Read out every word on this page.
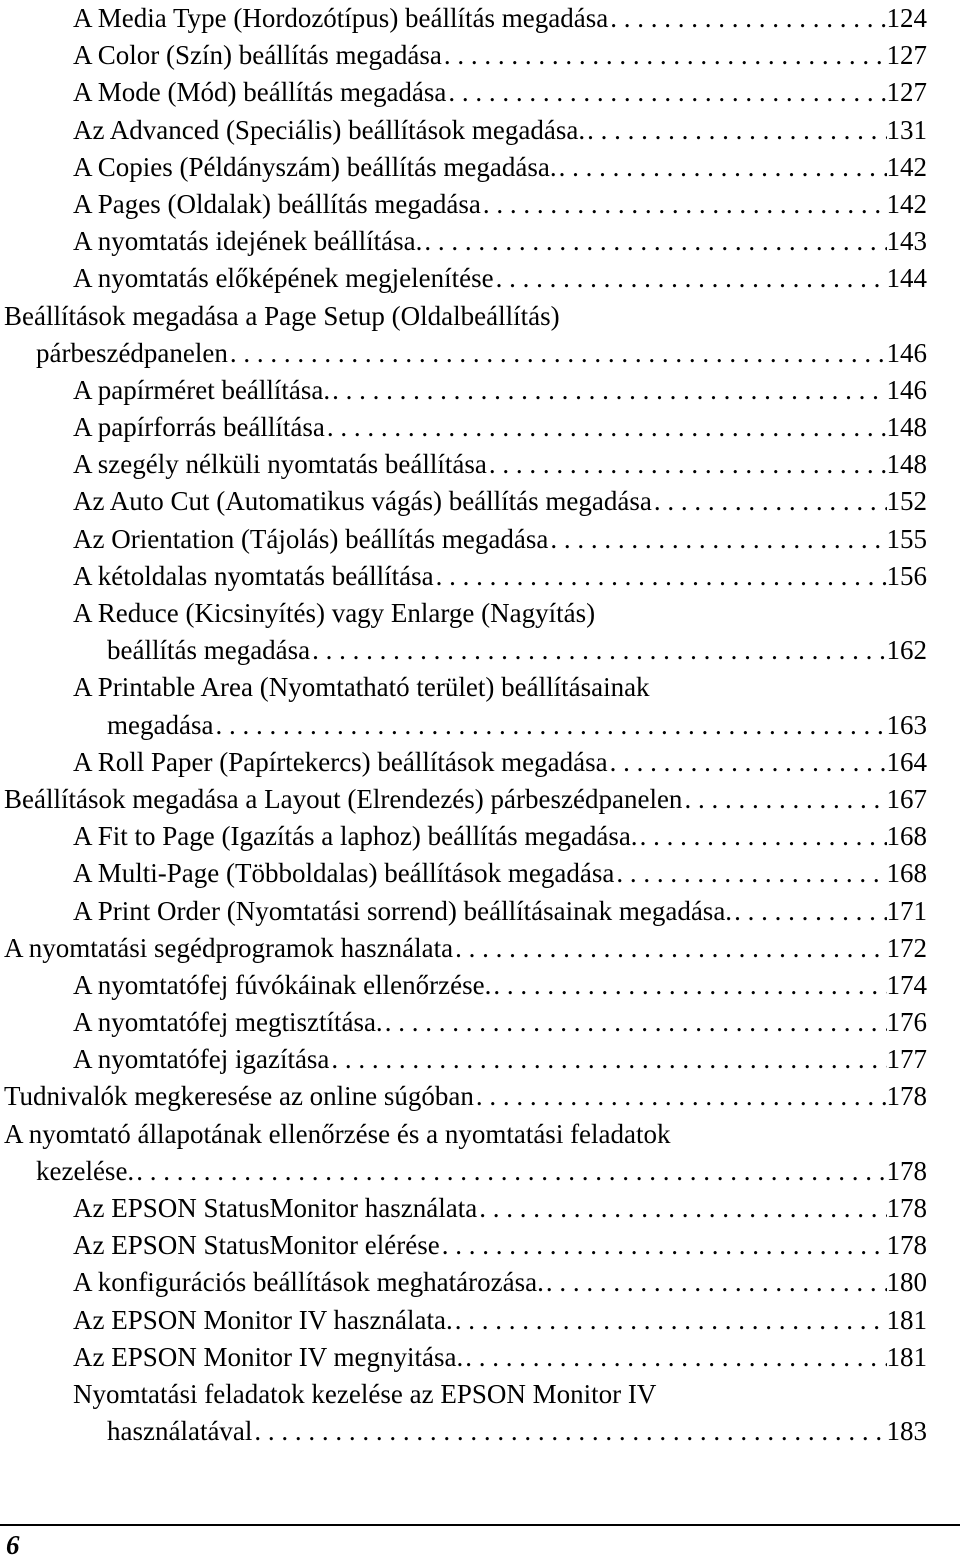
A Media Type (Hordozótípus) beállítás megadása . . .	124
A Color (Szín) beállítás megadása . . .	127
A Mode (Mód) beállítás megadása . . .	127
Az Advanced (Speciális) beállítások megadása. . . .	131
A Copies (Példányszám) beállítás megadása. . . .	142
A Pages (Oldalak) beállítás megadása . . .	142
A nyomtatás idejének beállítása. . . .	143
A nyomtatás előképének megjelenítése . . .	144
Beállítások megadása a Page Setup (Oldalbeállítás)
párbeszédpanelen . . .	146
A papírméret beállítása. . . .	146
A papírforrás beállítása . . .	148
A szegély nélküli nyomtatás beállítása . . .	148
Az Auto Cut (Automatikus vágás) beállítás megadása . . .	152
Az Orientation (Tájolás) beállítás megadása . . .	155
A kétoldalas nyomtatás beállítása . . .	156
A Reduce (Kicsinyítés) vagy Enlarge (Nagyítás)
beállítás megadása . . .	162
A Printable Area (Nyomtatható terület) beállításainak
megadása . . .	163
A Roll Paper (Papírtekercs) beállítások megadása . . .	164
Beállítások megadása a Layout (Elrendezés) párbeszédpanelen . . .	167
A Fit to Page (Igazítás a laphoz) beállítás megadása. . . .	168
A Multi-Page (Többoldalas) beállítások megadása . . .	168
A Print Order (Nyomtatási sorrend) beállításainak megadása. . . .	171
A nyomtatási segédprogramok használata . . .	172
A nyomtatófej fúvókáinak ellenőrzése. . . .	174
A nyomtatófej megtisztítása. . . .	176
A nyomtatófej igazítása . . .	177
Tudnivalók megkeresése az online súgóban . . .	178
A nyomtató állapotának ellenőrzése és a nyomtatási feladatok
kezelése. . . .	178
Az EPSON StatusMonitor használata . . .	178
Az EPSON StatusMonitor elérése . . .	178
A konfigurációs beállítások meghatározása. . . .	180
Az EPSON Monitor IV használata. . . .	181
Az EPSON Monitor IV megnyitása. . . .	181
Nyomtatási feladatok kezelése az EPSON Monitor IV
használatával . . .	183
6
